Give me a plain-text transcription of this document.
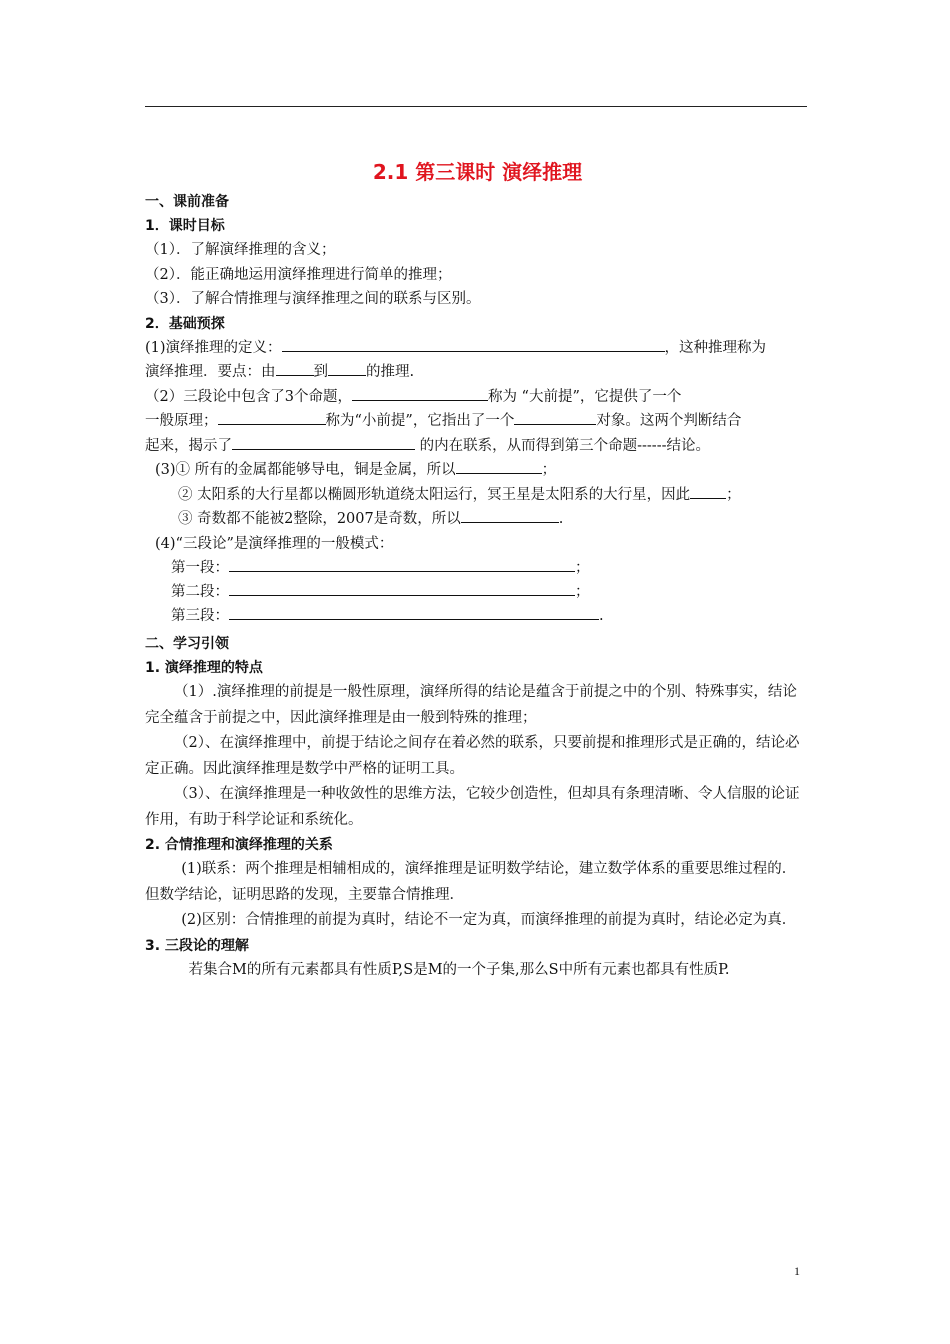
2.1 第三课时 演绎推理
一、课前准备
1．课时目标
（1）．了解演绎推理的含义；
（2）．能正确地运用演绎推理进行简单的推理；
（3）．了解合情推理与演绎推理之间的联系与区别。
2．基础预探
(1)演绎推理的定义：	，这种推理称为
演绎推理．要点：由	到	的推理.
（2）三段论中包含了3个命题，	称为 “大前提”，它提供了一个
一般原理；	称为“小前提”，它指出了一个	对象。这两个判断结合
起来，揭示了	的内在联系，从而得到第三个命题------结论。
(3)① 所有的金属都能够导电，铜是金属，所以	；
② 太阳系的大行星都以椭圆形轨道绕太阳运行，冥王星是太阳系的大行星，因此 ；
③ 奇数都不能被2整除，2007是奇数，所以	.
(4)“三段论”是演绎推理的一般模式：
第一段：	；
第二段：	；
第三段：	.
二、学习引领
1. 演绎推理的特点
（1）.演绎推理的前提是一般性原理，演绎所得的结论是蕴含于前提之中的个别、特殊事实，结论完全蕴含于前提之中，因此演绎推理是由一般到特殊的推理；
（2）、在演绎推理中，前提于结论之间存在着必然的联系，只要前提和推理形式是正确的，结论必定正确。因此演绎推理是数学中严格的证明工具。
（3）、在演绎推理是一种收敛性的思维方法，它较少创造性，但却具有条理清晰、令人信服的论证作用，有助于科学论证和系统化。
2. 合情推理和演绎推理的关系
(1)联系：两个推理是相辅相成的，演绎推理是证明数学结论，建立数学体系的重要思维过程的．但数学结论，证明思路的发现，主要靠合情推理．
(2)区别：合情推理的前提为真时，结论不一定为真，而演绎推理的前提为真时，结论必定为真．
3. 三段论的理解
若集合M的所有元素都具有性质P,S是M的一个子集,那么S中所有元素也都具有性质P.
1
